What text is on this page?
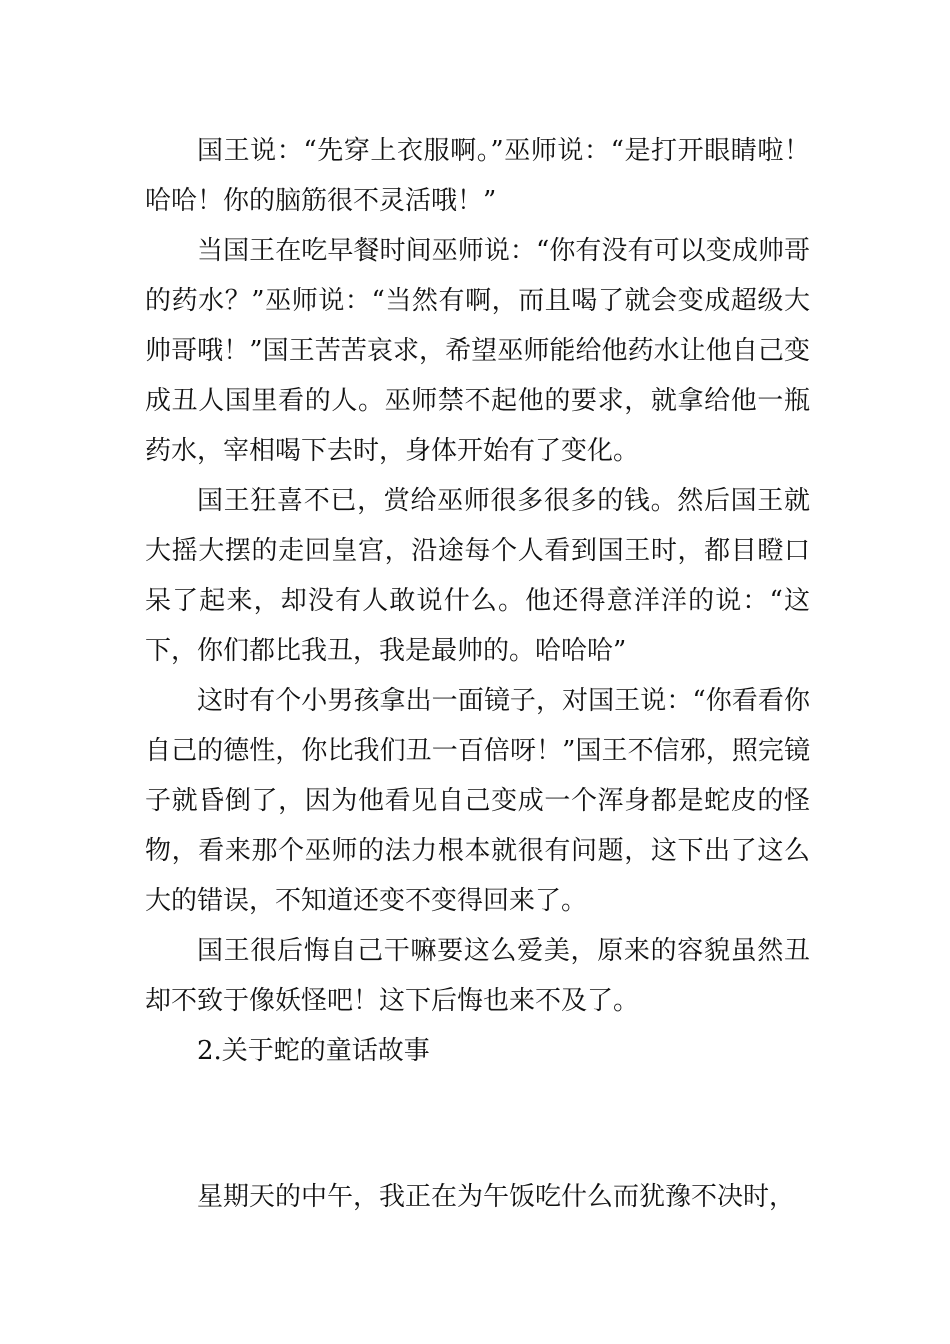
国王说：“先穿上衣服啊。”巫师说：“是打开眼睛啦！哈哈！你的脑筋很不灵活哦！”

当国王在吃早餐时间巫师说：“你有没有可以变成帅哥的药水？”巫师说：“当然有啊，而且喝了就会变成超级大帅哥哦！”国王苦苦哀求，希望巫师能给他药水让他自己变成丑人国里看的人。巫师禁不起他的要求，就拿给他一瓶药水，宰相喝下去时，身体开始有了变化。

国王狂喜不已，赏给巫师很多很多的钱。然后国王就大摇大摆的走回皇宫，沿途每个人看到国王时，都目瞪口呆了起来，却没有人敢说什么。他还得意洋洋的说：“这下，你们都比我丑，我是最帅的。哈哈哈”

这时有个小男孩拿出一面镜子，对国王说：“你看看你自己的德性，你比我们丑一百倍呀！”国王不信邪，照完镜子就昏倒了，因为他看见自己变成一个浑身都是蛇皮的怪物，看来那个巫师的法力根本就很有问题，这下出了这么大的错误，不知道还变不变得回来了。

国王很后悔自己干嘛要这么爱美，原来的容貌虽然丑却不致于像妖怪吧！这下后悔也来不及了。

2.关于蛇的童话故事

星期天的中午，我正在为午饭吃什么而犹豫不决时，
